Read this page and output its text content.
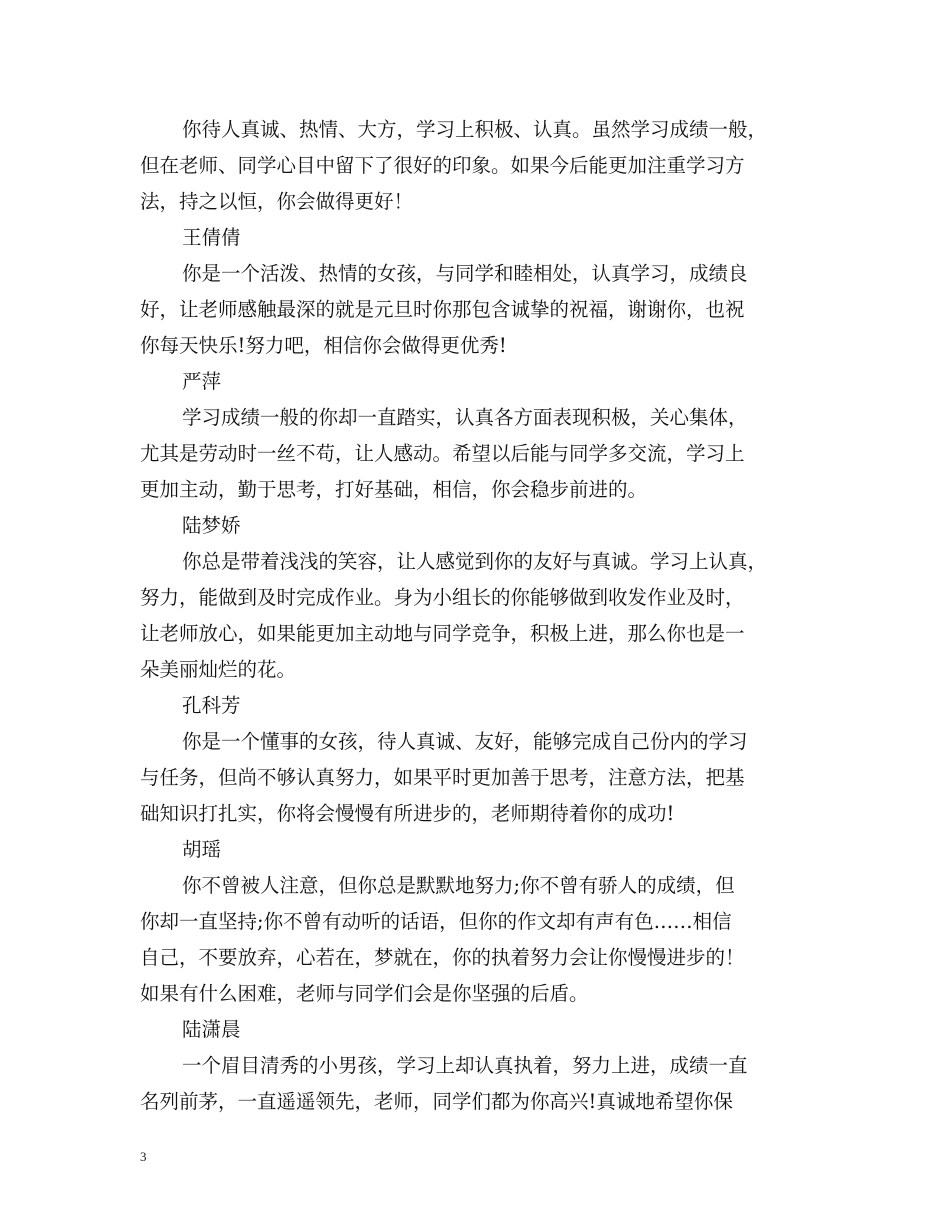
你待人真诚、热情、大方，学习上积极、认真。虽然学习成绩一般，
但在老师、同学心目中留下了很好的印象。如果今后能更加注重学习方
法，持之以恒，你会做得更好！
王倩倩
你是一个活泼、热情的女孩，与同学和睦相处，认真学习，成绩良
好，让老师感触最深的就是元旦时你那包含诚挚的祝福，谢谢你，也祝
你每天快乐!努力吧，相信你会做得更优秀!
严萍
学习成绩一般的你却一直踏实，认真各方面表现积极，关心集体，
尤其是劳动时一丝不苟，让人感动。希望以后能与同学多交流，学习上
更加主动，勤于思考，打好基础，相信，你会稳步前进的。
陆梦娇
你总是带着浅浅的笑容，让人感觉到你的友好与真诚。学习上认真，
努力，能做到及时完成作业。身为小组长的你能够做到收发作业及时，
让老师放心，如果能更加主动地与同学竞争，积极上进，那么你也是一
朵美丽灿烂的花。
孔科芳
你是一个懂事的女孩，待人真诚、友好，能够完成自己份内的学习
与任务，但尚不够认真努力，如果平时更加善于思考，注意方法，把基
础知识打扎实，你将会慢慢有所进步的，老师期待着你的成功!
胡瑶
你不曾被人注意，但你总是默默地努力;你不曾有骄人的成绩，但
你却一直坚持;你不曾有动听的话语，但你的作文却有声有色……相信
自己，不要放弃，心若在，梦就在，你的执着努力会让你慢慢进步的！
如果有什么困难，老师与同学们会是你坚强的后盾。
陆潇晨
一个眉目清秀的小男孩，学习上却认真执着，努力上进，成绩一直
名列前茅，一直遥遥领先，老师，同学们都为你高兴!真诚地希望你保
3
